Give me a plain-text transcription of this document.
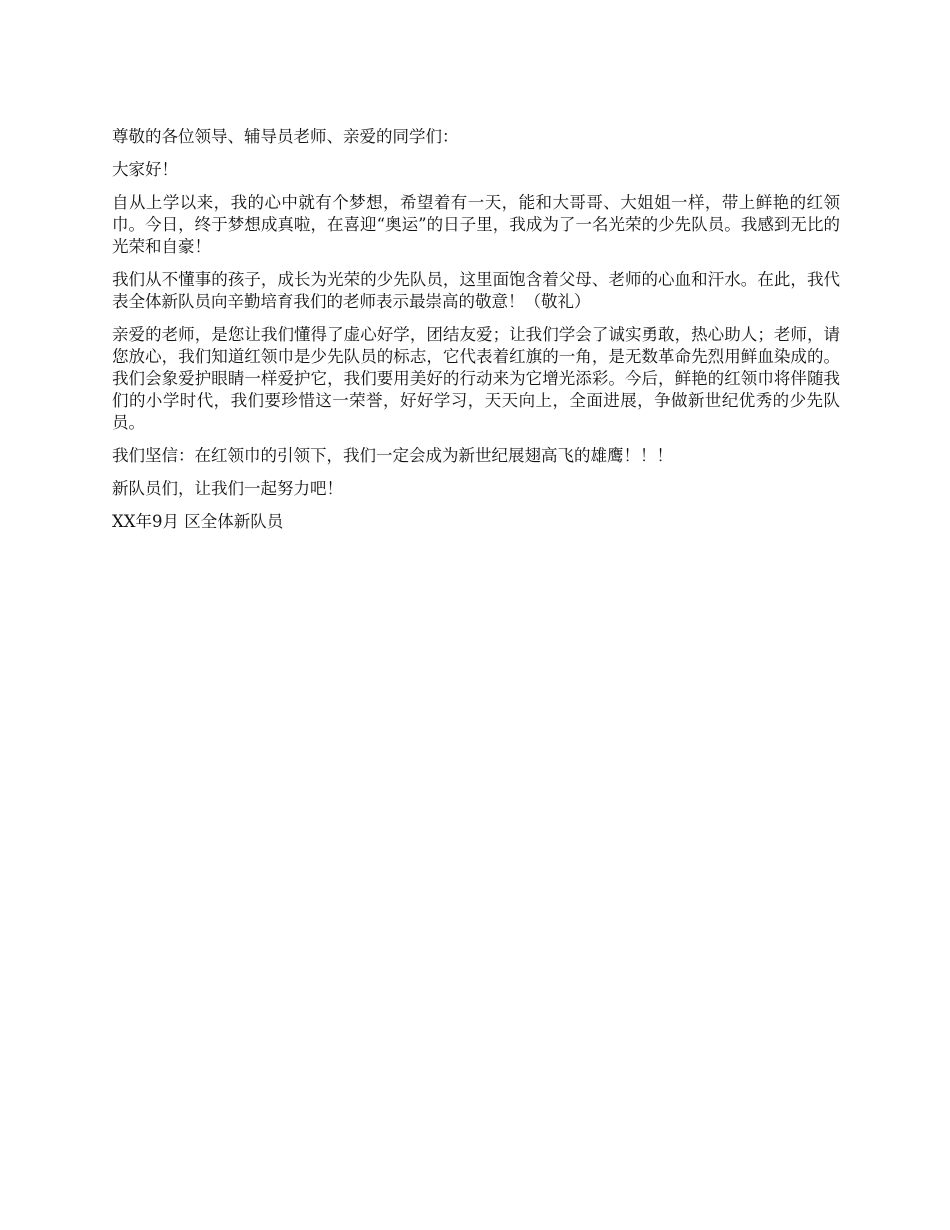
尊敬的各位领导、辅导员老师、亲爱的同学们：

大家好！

自从上学以来，我的心中就有个梦想，希望着有一天，能和大哥哥、大姐姐一样，带上鲜艳的红领巾。今日，终于梦想成真啦，在喜迎“奥运”的日子里，我成为了一名光荣的少先队员。我感到无比的光荣和自豪！

我们从不懂事的孩子，成长为光荣的少先队员，这里面饱含着父母、老师的心血和汗水。在此，我代表全体新队员向辛勤培育我们的老师表示最崇高的敬意！（敬礼）

亲爱的老师，是您让我们懂得了虚心好学，团结友爱；让我们学会了诚实勇敢，热心助人；老师，请您放心，我们知道红领巾是少先队员的标志，它代表着红旗的一角，是无数革命先烈用鲜血染成的。我们会象爱护眼睛一样爱护它，我们要用美好的行动来为它增光添彩。今后，鲜艳的红领巾将伴随我们的小学时代，我们要珍惜这一荣誉，好好学习，天天向上，全面进展，争做新世纪优秀的少先队员。

我们坚信：在红领巾的引领下，我们一定会成为新世纪展翅高飞的雄鹰！！！

新队员们，让我们一起努力吧！

XX年9月 区全体新队员
